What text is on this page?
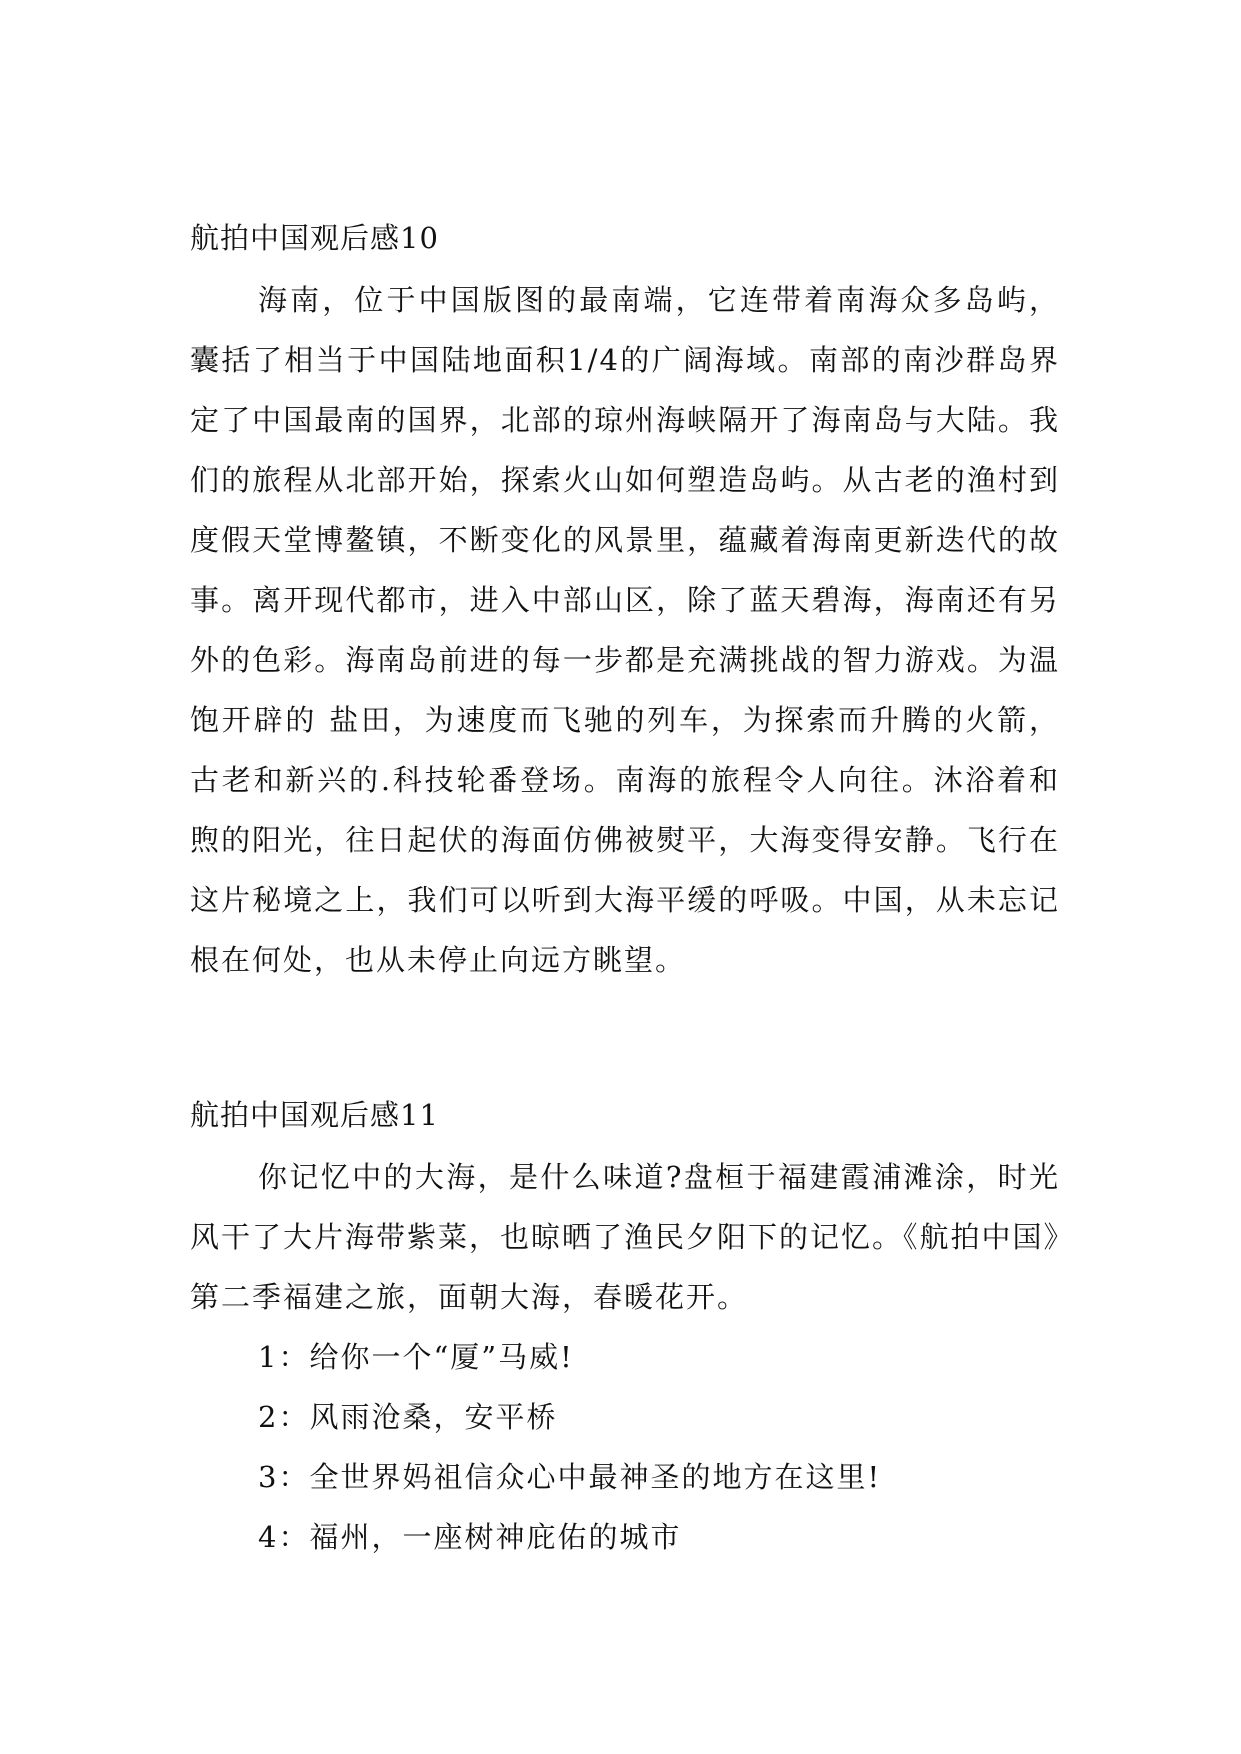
航拍中国观后感10

海南，位于中国版图的最南端，它连带着南海众多岛屿，囊括了相当于中国陆地面积1/4的广阔海域。南部的南沙群岛界定了中国最南的国界，北部的琼州海峡隔开了海南岛与大陆。我们的旅程从北部开始，探索火山如何塑造岛屿。从古老的渔村到度假天堂博鳌镇，不断变化的风景里，蕴藏着海南更新迭代的故事。离开现代都市，进入中部山区，除了蓝天碧海，海南还有另外的色彩。海南岛前进的每一步都是充满挑战的智力游戏。为温饱开辟的 盐田，为速度而飞驰的列车，为探索而升腾的火箭，古老和新兴的.科技轮番登场。南海的旅程令人向往。沐浴着和煦的阳光，往日起伏的海面仿佛被熨平，大海变得安静。飞行在这片秘境之上，我们可以听到大海平缓的呼吸。中国，从未忘记根在何处，也从未停止向远方眺望。

航拍中国观后感11

你记忆中的大海，是什么味道?盘桓于福建霞浦滩涂，时光风干了大片海带紫菜，也晾晒了渔民夕阳下的记忆。《航拍中国》第二季福建之旅，面朝大海，春暖花开。

1：给你一个“厦”马威!

2：风雨沧桑，安平桥

3：全世界妈祖信众心中最神圣的地方在这里!

4：福州，一座树神庇佑的城市
